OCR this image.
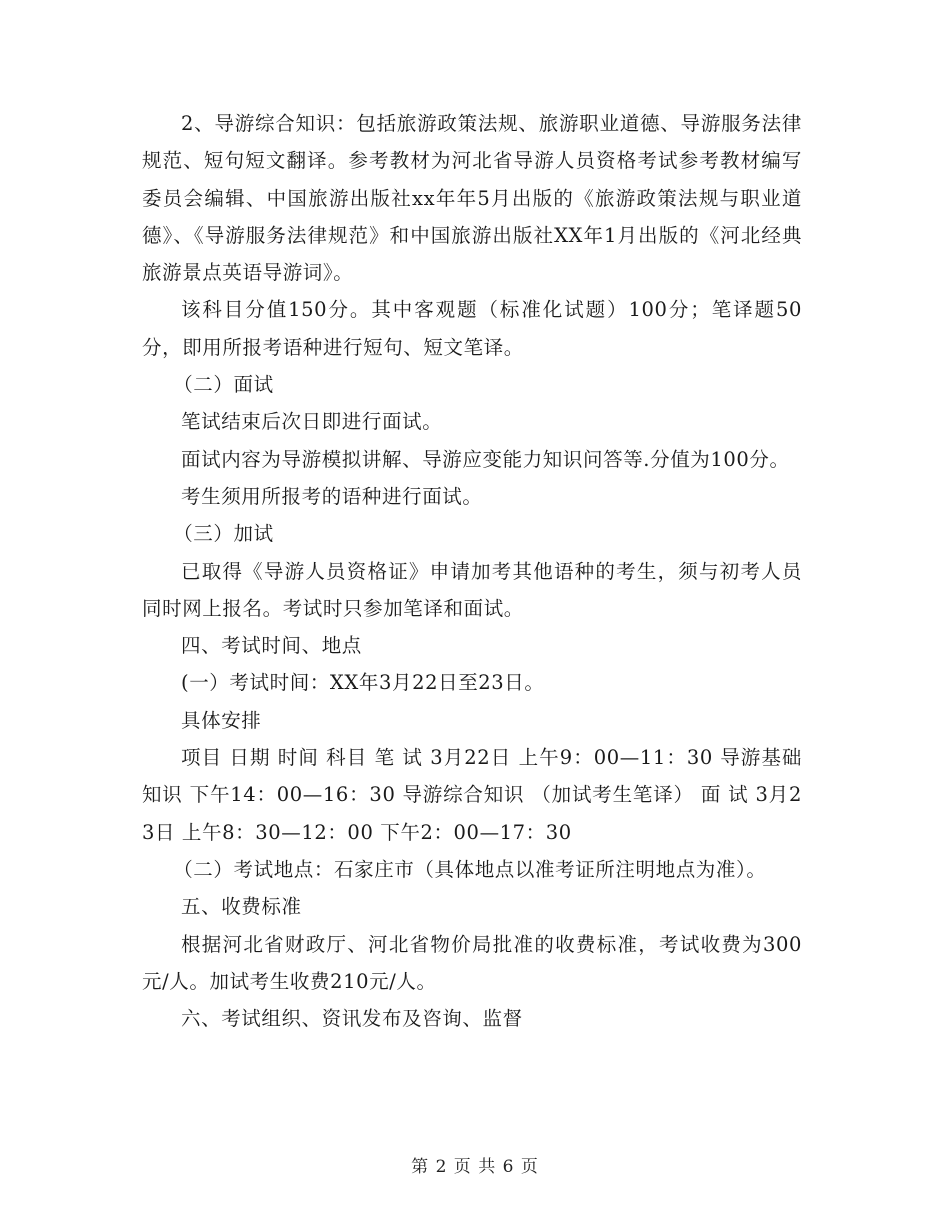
2、导游综合知识：包括旅游政策法规、旅游职业道德、导游服务法律规范、短句短文翻译。参考教材为河北省导游人员资格考试参考教材编写委员会编辑、中国旅游出版社xx年年5月出版的《旅游政策法规与职业道德》、《导游服务法律规范》和中国旅游出版社XX年1月出版的《河北经典旅游景点英语导游词》。

该科目分值150分。其中客观题（标准化试题）100分；笔译题50分，即用所报考语种进行短句、短文笔译。

（二）面试

笔试结束后次日即进行面试。

面试内容为导游模拟讲解、导游应变能力知识问答等.分值为100分。

考生须用所报考的语种进行面试。

（三）加试

已取得《导游人员资格证》申请加考其他语种的考生，须与初考人员同时网上报名。考试时只参加笔译和面试。

四、考试时间、地点

(一）考试时间：XX年3月22日至23日。

具体安排

项目 日期 时间 科目 笔 试 3月22日 上午9：00—11：30 导游基础知识 下午14：00—16：30 导游综合知识 （加试考生笔译） 面 试 3月23日 上午8：30—12：00 下午2：00—17：30

（二）考试地点：石家庄市（具体地点以准考证所注明地点为准）。

五、收费标准

根据河北省财政厅、河北省物价局批准的收费标准，考试收费为300元/人。加试考生收费210元/人。

六、考试组织、资讯发布及咨询、监督

第 2 页 共 6 页
